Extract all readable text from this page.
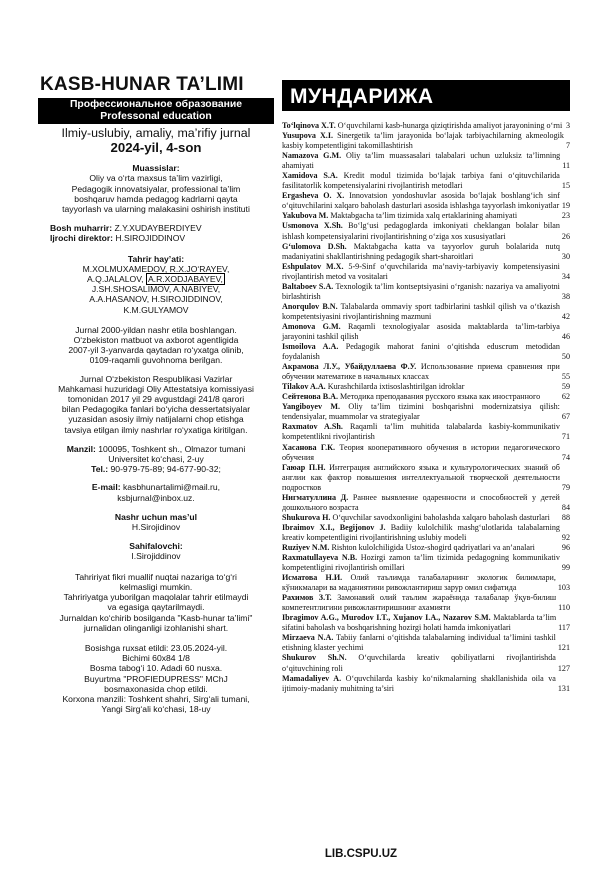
KASB-HUNAR TA’LIMI
Профессиональное образование
Professonal education
Ilmiy-uslubiy, amaliy, ma’rifiy jurnal
2024-yil, 4-son
Muassislar:
Oliy va o‘rta maxsus ta’lim vazirligi,
Pedagogik innovatsiyalar, professional ta’lim
boshqaruv hamda pedagog kadrlarni qayta
tayyorlash va ularning malakasini oshirish instituti
Bosh muharrir: Z.Y.XUDAYBERDIYEV
Ijrochi direktor: H.SIROJIDDINOV
Tahrir hay’ati:
M.XOLMUXAMEDOV, R.X.JO‘RAYEV,
A.Q.JALALOV, A.R.XODJABAYEV,
J.SH.SHOSALIMOV, A.NABIYEV,
A.A.HASANOV, H.SIROJIDDINOV,
K.M.GULYAMOV
Jurnal 2000-yildan nashr etila boshlangan.
O‘zbekiston matbuot va axborot agentligida
2007-yil 3-yanvarda qaytadan ro‘yxatga olinib,
0109-raqamli guvohnoma berilgan.
Jurnal O‘zbekiston Respublikasi Vazirlar
Mahkamasi huzuridagi Oliy Attestatsiya komissiyasi
tomonidan 2017 yil 29 avgustdagi 241/8 qarori
bilan Pedagogika fanlari bo‘yicha dessertatsiyalar
yuzasidan asosiy ilmiy natijalarni chop etishga
tavsiya etilgan ilmiy nashrlar ro‘yxatiga kiritilgan.
Manzil: 100095, Toshkent sh., Olmazor tumani
Universitet ko‘chasi, 2-uy
Tel.: 90-979-75-89; 94-677-90-32;
E-mail: kasbhunartalimi@mail.ru,
ksbjurnal@inbox.uz.
Nashr uchun mas’ul
H.Sirojidinov
Sahifalovchi:
I.Sirojiddinov
Tahririyat fikri muallif nuqtai nazariga to‘g‘ri
kelmasligi mumkin.
Tahririyatga yuborilgan maqolalar tahrir etilmaydi
va egasiga qaytarilmaydi.
Jurnaldan ko‘chirib bosilganda "Kasb-hunar ta’limi"
jurnalidan olinganligi izohlanishi shart.
Bosishga ruxsat etildi: 23.05.2024-yil.
Bichimi 60x84 1/8
Bosma tabog‘i 10. Adadi 60 nusxa.
Buyurtma "PROFIEDUPRESS" MChJ
bosmaxonasida chop etildi.
Korxona manzili: Toshkent shahri, Sirg‘ali tumani,
Yangi Sirg‘ali ko‘chasi, 18-uy
МУНДАРИЖА
To‘lqinova X.T. O‘quvchilarni kasb-hunarga qiziqtirishda amaliyot jarayonining o‘rni 3
Yusupova X.I. Sinergetik ta’lim jarayonida bo‘lajak tarbiyachilarning akmeologik kasbiy kompetentligini takomillashtirish	7
Namazova G.M. Oliy ta’lim muassasalari talabalari uchun uzluksiz ta’limning ahamiyati	11
Xamidova S.A. Kredit modul tizimida bo‘lajak tarbiya fani o‘qituvchilarida fasilitatorlik kompetensiyalarini rivojlantirish metodlari	15
Ergasheva O. X. Innovatsion yondoshuvlar asosida bo‘lajak boshlang‘ich sinf o‘qituvchilarini xalqaro baholash dasturlari asosida ishlashga tayyorlash imkoniyatlar 19
Yakubova M. Maktabgacha ta’lim tizimida xalq ertaklarining ahamiyati	23
Usmonova X.Sh. Bo‘lg‘usi pedagoglarda imkoniyati cheklangan bolalar bilan ishlash kompetensiyalarini rivojlantirishning o‘ziga xos xususiyatlari	26
G‘ulomova D.Sh. Maktabgacha katta va tayyorlov guruh bolalarida nutq madaniyatini shakllantirishning pedagogik shart-sharoitlari	30
Eshpulatov M.X. 5-9-Sinf o‘quvchilarida ma’naviy-tarbiyaviy kompetensiyasini rivojlantirish metod va vositalari	34
Baltaboev S.A. Texnologik ta’lim kontseptsiyasini o‘rganish: nazariya va amaliyotni birlashtirish	38
Anorqulov B.N. Talabalarda ommaviy sport tadbirlarini tashkil qilish va o‘tkazish kompetentsiyasini rivojlantirishning mazmuni	42
Amonova G.M. Raqamli texnologiyalar asosida maktablarda ta’lim-tarbiya jarayonini tashkil qilish	46
Ismoilova A.A. Pedagogik mahorat fanini o‘qitishda eduscrum metodidan foydalanish	50
Акрамова Л.У., Убайдуллаева Ф.У. Использование приема сравнения при обучении математике в начальных классах	55
Tilakov A.A. Kurashchilarda ixtisoslashtirilgan idroklar	59
Сейтенова В.А. Методика преподавания русского языка как иностранного	62
Yangiboyev M. Oliy ta’lim tizimini boshqarishni modernizatsiya qilish: tendensiyalar, muammolar va strategiyalar	67
Raxmatov A.Sh. Raqamli ta’lim muhitida talabalarda kasbiy-kommunikativ kompetentlikni rivojlantirish	71
Хасанова Г.К. Теория кооперативного обучения в истории педагогического обучения	74
Гаюар П.Н. Интеграция английского языка и культурологических знаний об англии как фактор повышения интеллектуальной творческой деятельности подростков	79
Нигматуллина Д. Раннее выявление одаренности и способностей у детей дошкольного возраста	84
Shukurova H. O‘quvchilar savodxonligini baholashda xalqaro baholash dasturlari	88
Ibraimov X.I., Begijonov J. Badiiy kulolchilik mashg‘ulotlarida talabalarning kreativ kompetentligini rivojlantirishning uslubiy modeli	92
Ruziyev N.M. Rishton kulolchiligida Ustoz-shogird qadriyatlari va an’analari	96
Raxmatullayeva N.B. Hozirgi zamon ta’lim tizimida pedagogning kommunikativ kompetentligini rivojlantirish omillari	99
Исматова Н.И. Олий таълимда талабаларнинг экологик билимлари, кўникмалари ва маданиятини ривожлантириш зарур омил сифатида	103
Рахимов З.Т. Замонавий олий таълим жараёнида талабалар ўқув-билиш компетентлигини ривожлантиришнинг ахамияти	110
Ibragimov A.G., Murodov I.T., Xujanov I.A., Nazarov S.M. Maktablarda ta’lim sifatini baholash va boshqarishning hozirgi holati hamda imkoniyatlari	117
Mirzaeva N.A. Tabiiy fanlarni o‘qitishda talabalarning individual ta’limini tashkil etishning klaster yechimi	121
Shukurov Sh.N. O‘quvchilarda kreativ qobiliyatlarni rivojlantirishda o‘qituvchining roli	127
Mamadaliyev A. O‘quvchilarda kasbiy ko‘nikmalarning shakllanishida oila va ijtimoiy-madaniy muhitning ta’siri	131
LIB.CSPU.UZ
